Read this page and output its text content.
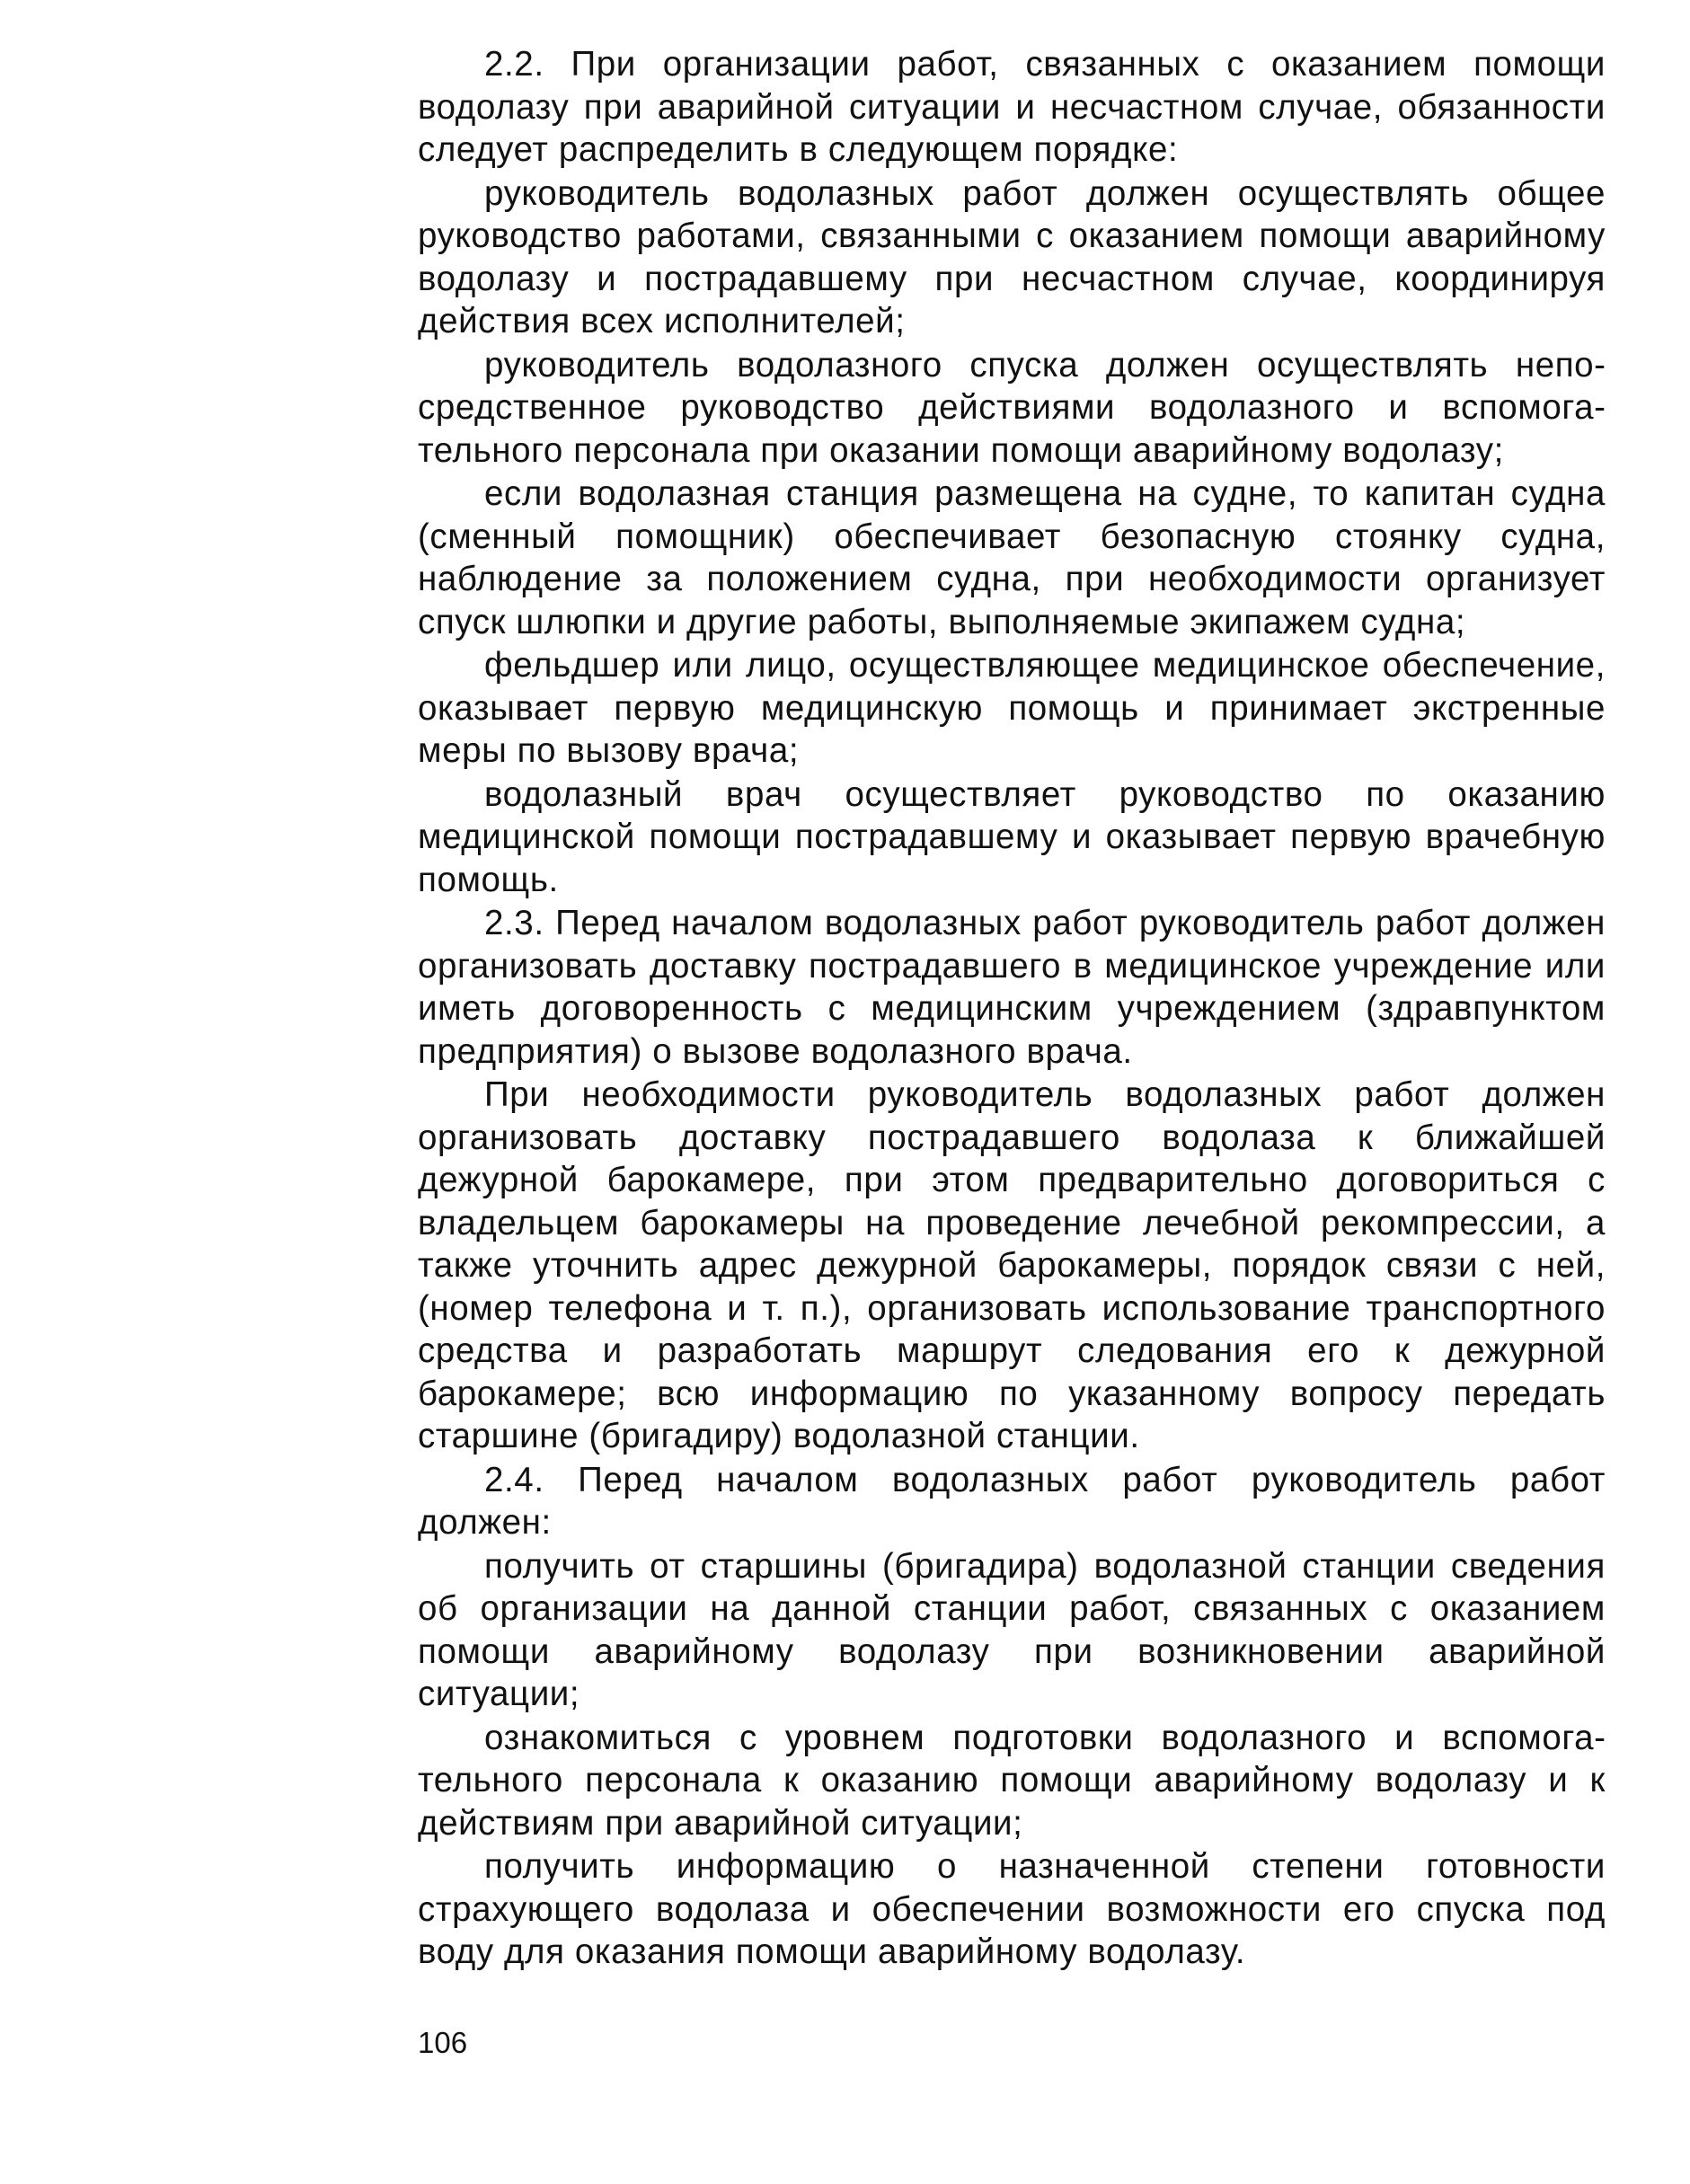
2.2. При организации работ, связанных с оказанием помощи водолазу при аварийной ситуации и несчастном случае, обязанности следует распределить в следующем порядке:

руководитель водолазных работ должен осуществлять общее руководство работами, связанными с оказанием помощи аварийному водолазу и пострадавшему при несчастном случае, координируя действия всех исполнителей;

руководитель водолазного спуска должен осуществлять непосредственное руководство действиями водолазного и вспомогательного персонала при оказании помощи аварийному водолазу;

если водолазная станция размещена на судне, то капитан судна (сменный помощник) обеспечивает безопасную стоянку судна, наблюдение за положением судна, при необходимости организует спуск шлюпки и другие работы, выполняемые экипажем судна;

фельдшер или лицо, осуществляющее медицинское обеспечение, оказывает первую медицинскую помощь и принимает экстренные меры по вызову врача;

водолазный врач осуществляет руководство по оказанию медицинской помощи пострадавшему и оказывает первую врачебную помощь.

2.3. Перед началом водолазных работ руководитель работ должен организовать доставку пострадавшего в медицинское учреждение или иметь договоренность с медицинским учреждением (здравпунктом предприятия) о вызове водолазного врача.

При необходимости руководитель водолазных работ должен организовать доставку пострадавшего водолаза к ближайшей дежурной барокамере, при этом предварительно договориться с владельцем барокамеры на проведение лечебной рекомпрессии, а также уточнить адрес дежурной барокамеры, порядок связи с ней, (номер телефона и т. п.), организовать использование транспортного средства и разработать маршрут следования его к дежурной барокамере; всю информацию по указанному вопросу передать старшине (бригадиру) водолазной станции.

2.4. Перед началом водолазных работ руководитель работ должен:

получить от старшины (бригадира) водолазной станции сведения об организации на данной станции работ, связанных с оказанием помощи аварийному водолазу при возникновении аварийной ситуации;

ознакомиться с уровнем подготовки водолазного и вспомогательного персонала к оказанию помощи аварийному водолазу и к действиям при аварийной ситуации;

получить информацию о назначенной степени готовности страхующего водолаза и обеспечении возможности его спуска под воду для оказания помощи аварийному водолазу.

106
